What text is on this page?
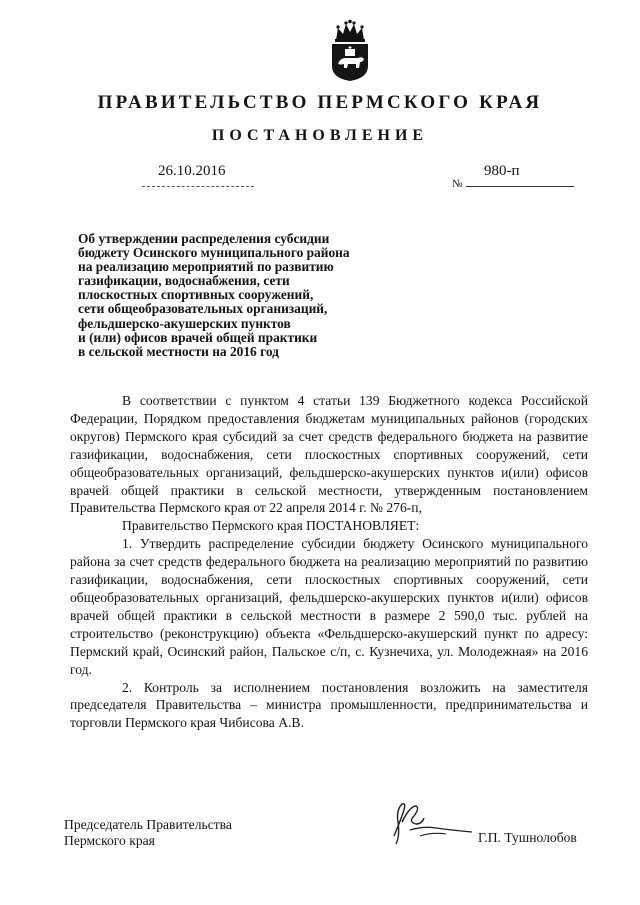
ПРАВИТЕЛЬСТВО ПЕРМСКОГО КРАЯ
ПОСТАНОВЛЕНИЕ
26.10.2016
№
980-п
Об утверждении распределения субсидии
бюджету Осинского муниципального района
на реализацию мероприятий по развитию
газификации, водоснабжения, сети
плоскостных спортивных сооружений,
сети общеобразовательных организаций,
фельдшерско-акушерских пунктов
и (или) офисов врачей общей практики
в сельской местности на 2016 год

В соответствии с пунктом 4 статьи 139 Бюджетного кодекса Российской Федерации, Порядком предоставления бюджетам муниципальных районов (городских округов) Пермского края субсидий за счет средств федерального бюджета на развитие газификации, водоснабжения, сети плоскостных спортивных сооружений, сети общеобразовательных организаций, фельдшерско-акушерских пунктов и(или) офисов врачей общей практики в сельской местности, утвержденным постановлением Правительства Пермского края от 22 апреля 2014 г. № 276-п,

Правительство Пермского края ПОСТАНОВЛЯЕТ:

1. Утвердить распределение субсидии бюджету Осинского муниципального района за счет средств федерального бюджета на реализацию мероприятий по развитию газификации, водоснабжения, сети плоскостных спортивных сооружений, сети общеобразовательных организаций, фельдшерско-акушерских пунктов и(или) офисов врачей общей практики в сельской местности в размере 2 590,0 тыс. рублей на строительство (реконструкцию) объекта «Фельдшерско-акушерский пункт по адресу: Пермский край, Осинский район, Пальское с/п, с. Кузнечиха, ул. Молодежная» на 2016 год.

2. Контроль за исполнением постановления возложить на заместителя председателя Правительства – министра промышленности, предпринимательства и торговли Пермского края Чибисова А.В.

Председатель Правительства
Пермского края	Г.П. Тушнолобов
